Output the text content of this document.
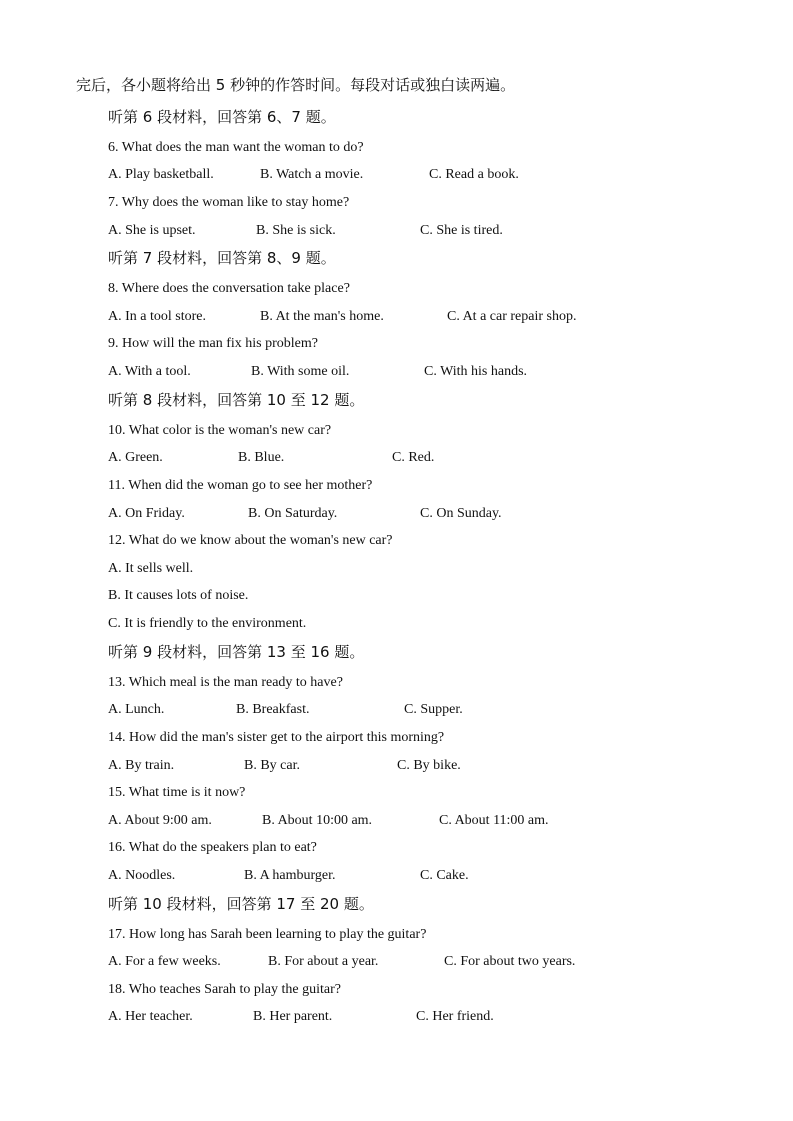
完后，各小题将给出 5 秒钟的作答时间。每段对话或独白读两遍。
听第 6 段材料，回答第 6、7 题。
6. What does the man want the woman to do?
A. Play basketball.	B. Watch a movie.	C. Read a book.
7. Why does the woman like to stay home?
A. She is upset.	B. She is sick.	C. She is tired.
听第 7 段材料，回答第 8、9 题。
8. Where does the conversation take place?
A. In a tool store.	B. At the man's home.	C. At a car repair shop.
9. How will the man fix his problem?
A. With a tool.	B. With some oil.	C. With his hands.
听第 8 段材料，回答第 10 至 12 题。
10. What color is the woman's new car?
A. Green.	B. Blue.	C. Red.
11. When did the woman go to see her mother?
A. On Friday.	B. On Saturday.	C. On Sunday.
12. What do we know about the woman's new car?
A. It sells well.
B. It causes lots of noise.
C. It is friendly to the environment.
听第 9 段材料，回答第 13 至 16 题。
13. Which meal is the man ready to have?
A. Lunch.	B. Breakfast.	C. Supper.
14. How did the man's sister get to the airport this morning?
A. By train.	B. By car.	C. By bike.
15. What time is it now?
A. About 9:00 am.	B. About 10:00 am.	C. About 11:00 am.
16. What do the speakers plan to eat?
A. Noodles.	B. A hamburger.	C. Cake.
听第 10 段材料，回答第 17 至 20 题。
17. How long has Sarah been learning to play the guitar?
A. For a few weeks.	B. For about a year.	C. For about two years.
18. Who teaches Sarah to play the guitar?
A. Her teacher.	B. Her parent.	C. Her friend.
